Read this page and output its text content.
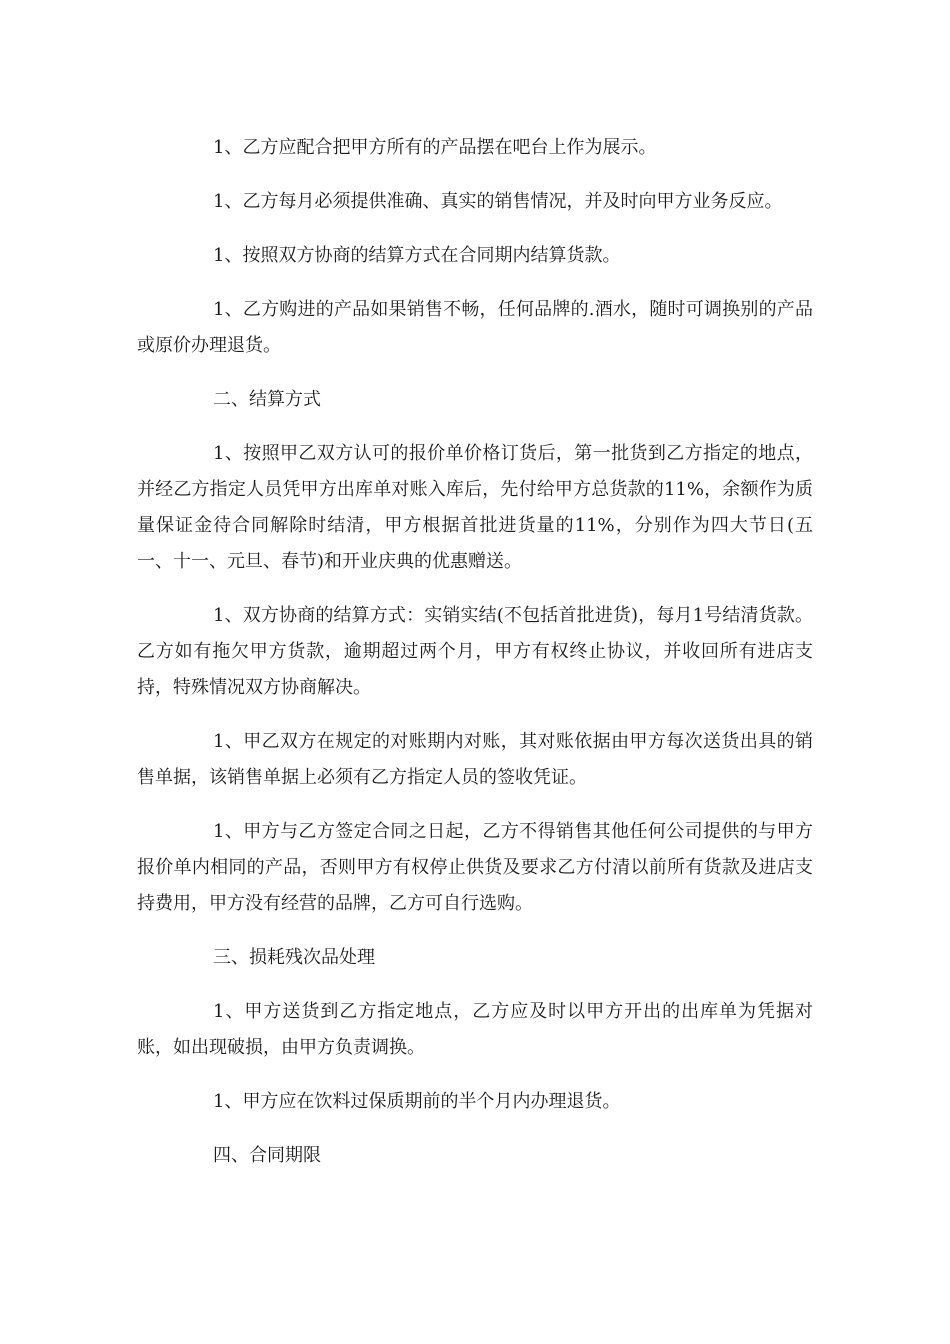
1、乙方应配合把甲方所有的产品摆在吧台上作为展示。

1、乙方每月必须提供准确、真实的销售情况，并及时向甲方业务反应。

1、按照双方协商的结算方式在合同期内结算货款。

1、乙方购进的产品如果销售不畅，任何品牌的.酒水，随时可调换别的产品或原价办理退货。

二、结算方式

1、按照甲乙双方认可的报价单价格订货后，第一批货到乙方指定的地点，并经乙方指定人员凭甲方出库单对账入库后，先付给甲方总货款的11%，余额作为质量保证金待合同解除时结清，甲方根据首批进货量的11%，分别作为四大节日(五一、十一、元旦、春节)和开业庆典的优惠赠送。

1、双方协商的结算方式：实销实结(不包括首批进货)，每月1号结清货款。乙方如有拖欠甲方货款，逾期超过两个月，甲方有权终止协议，并收回所有进店支持，特殊情况双方协商解决。

1、甲乙双方在规定的对账期内对账，其对账依据由甲方每次送货出具的销售单据，该销售单据上必须有乙方指定人员的签收凭证。

1、甲方与乙方签定合同之日起，乙方不得销售其他任何公司提供的与甲方报价单内相同的产品，否则甲方有权停止供货及要求乙方付清以前所有货款及进店支持费用，甲方没有经营的品牌，乙方可自行选购。

三、损耗残次品处理

1、甲方送货到乙方指定地点，乙方应及时以甲方开出的出库单为凭据对账，如出现破损，由甲方负责调换。

1、甲方应在饮料过保质期前的半个月内办理退货。

四、合同期限
